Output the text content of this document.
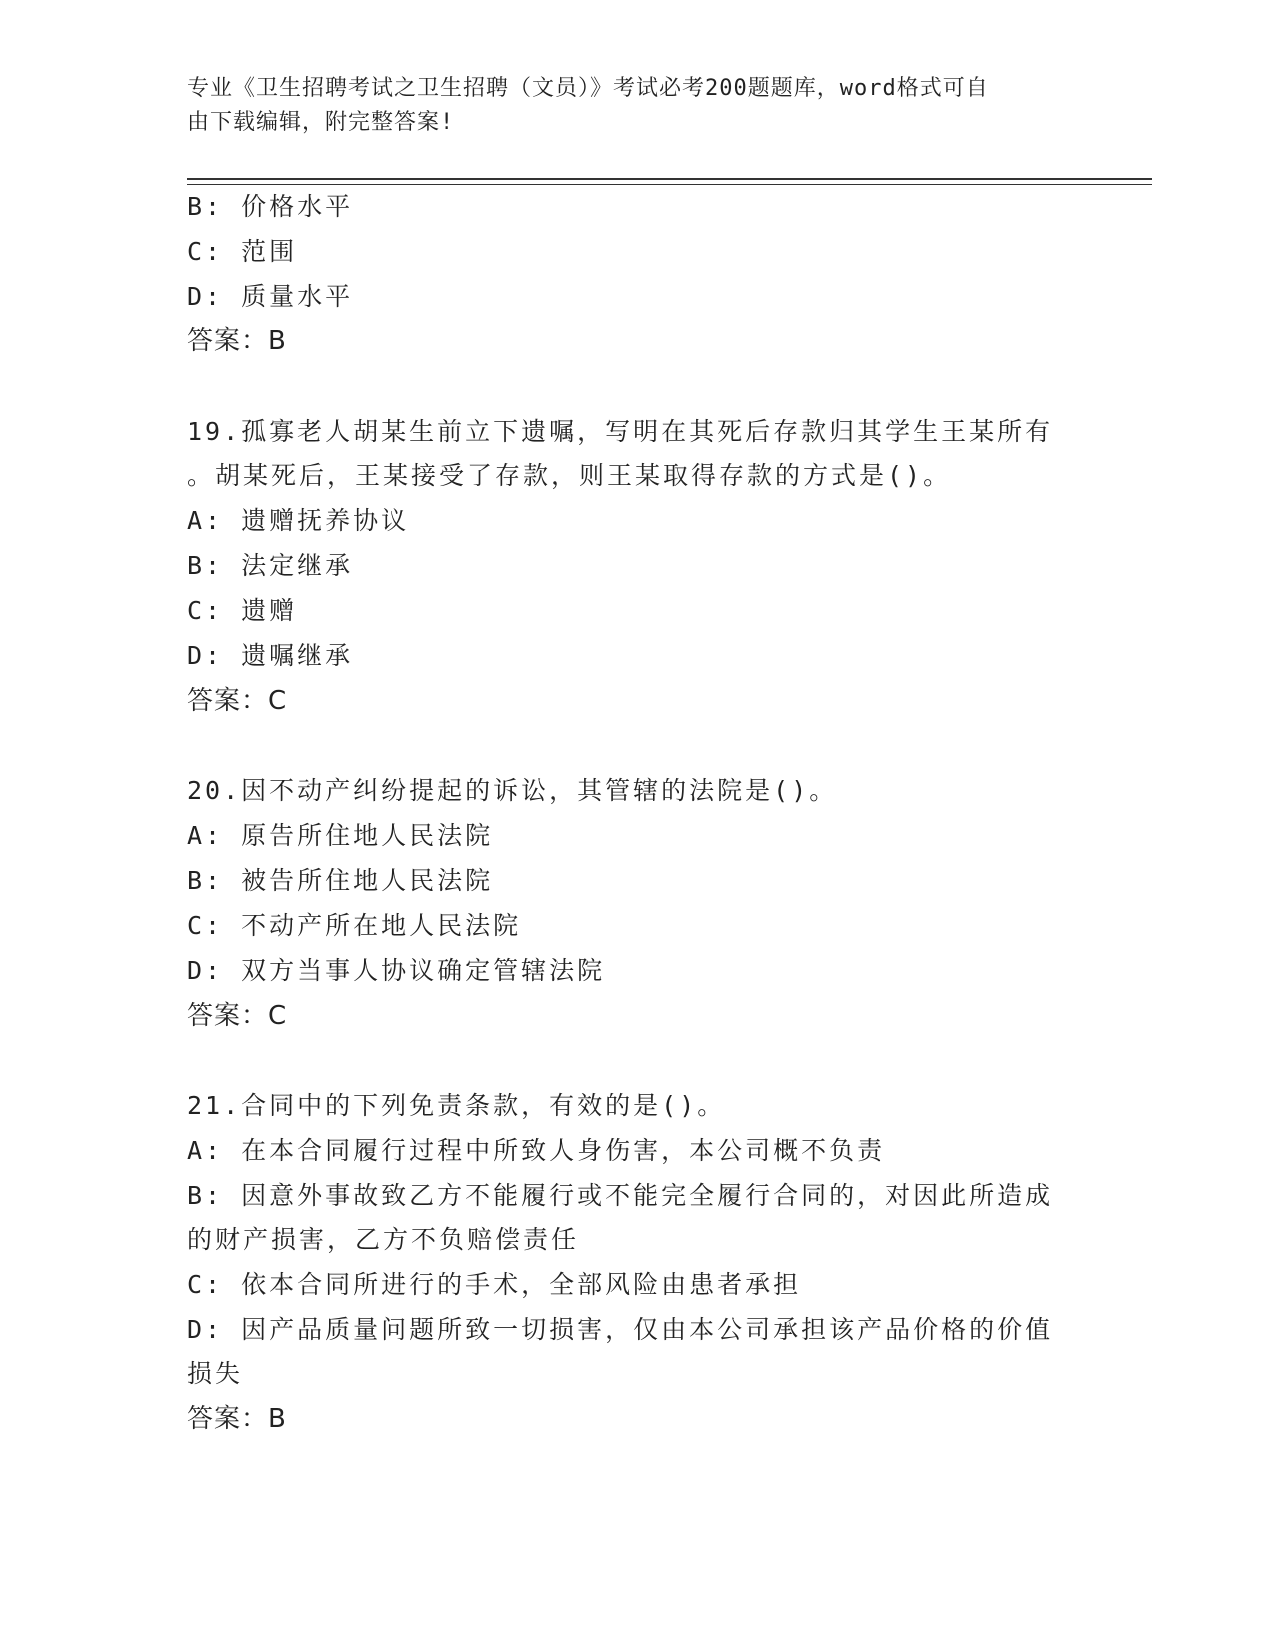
专业《卫生招聘考试之卫生招聘（文员）》考试必考200题题库，word格式可自
由下载编辑，附完整答案!
B: 价格水平
C: 范围
D: 质量水平
答案：B
19.孤寡老人胡某生前立下遗嘱，写明在其死后存款归其学生王某所有
。胡某死后，王某接受了存款，则王某取得存款的方式是()。
A: 遗赠抚养协议
B: 法定继承
C: 遗赠
D: 遗嘱继承
答案：C
20.因不动产纠纷提起的诉讼，其管辖的法院是()。
A: 原告所住地人民法院
B: 被告所住地人民法院
C: 不动产所在地人民法院
D: 双方当事人协议确定管辖法院
答案：C
21.合同中的下列免责条款，有效的是()。
A: 在本合同履行过程中所致人身伤害，本公司概不负责
B: 因意外事故致乙方不能履行或不能完全履行合同的，对因此所造成
的财产损害，乙方不负赔偿责任
C: 依本合同所进行的手术，全部风险由患者承担
D: 因产品质量问题所致一切损害，仅由本公司承担该产品价格的价值
损失
答案：B
